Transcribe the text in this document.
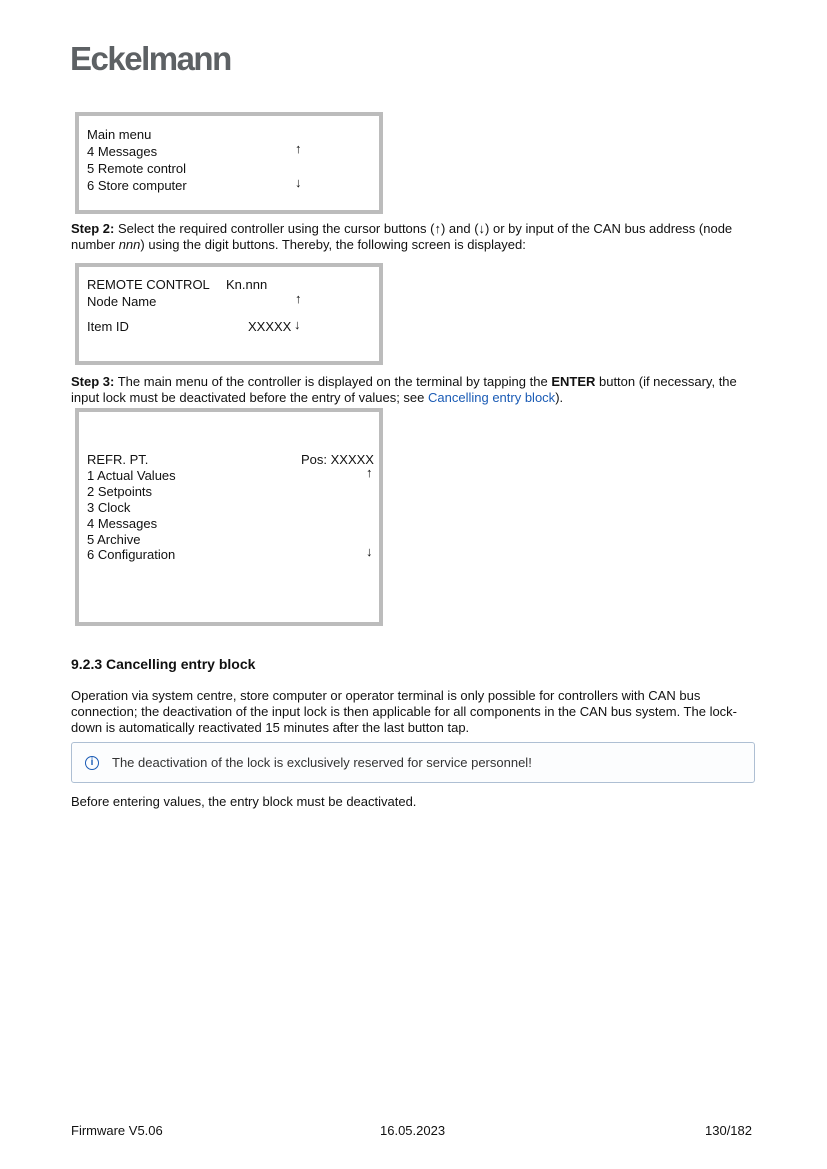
Eckelmann
Main menu
4 Messages
5 Remote control
6 Store computer
↑
↓

Step 2: Select the required controller using the cursor buttons (↑) and (↓) or by input of the CAN bus address (node number nnn) using the digit buttons. Thereby, the following screen is displayed:

REMOTE CONTROL Kn.nnn
Node Name	↑
Item ID	XXXXX ↓

Step 3: The main menu of the controller is displayed on the terminal by tapping the ENTER button (if necessary, the input lock must be deactivated before the entry of values; see Cancelling entry block).

REFR. PT.	Pos: XXXXX
1 Actual Values
2 Setpoints
3 Clock
4 Messages
5 Archive
6 Configuration
↑
↓
9.2.3 Cancelling entry block

Operation via system centre, store computer or operator terminal is only possible for controllers with CAN bus connection; the deactivation of the input lock is then applicable for all components in the CAN bus system. The lock-down is automatically reactivated 15 minutes after the last button tap.

i	The deactivation of the lock is exclusively reserved for service personnel!

Before entering values, the entry block must be deactivated.

Firmware V5.06	16.05.2023	130/182
